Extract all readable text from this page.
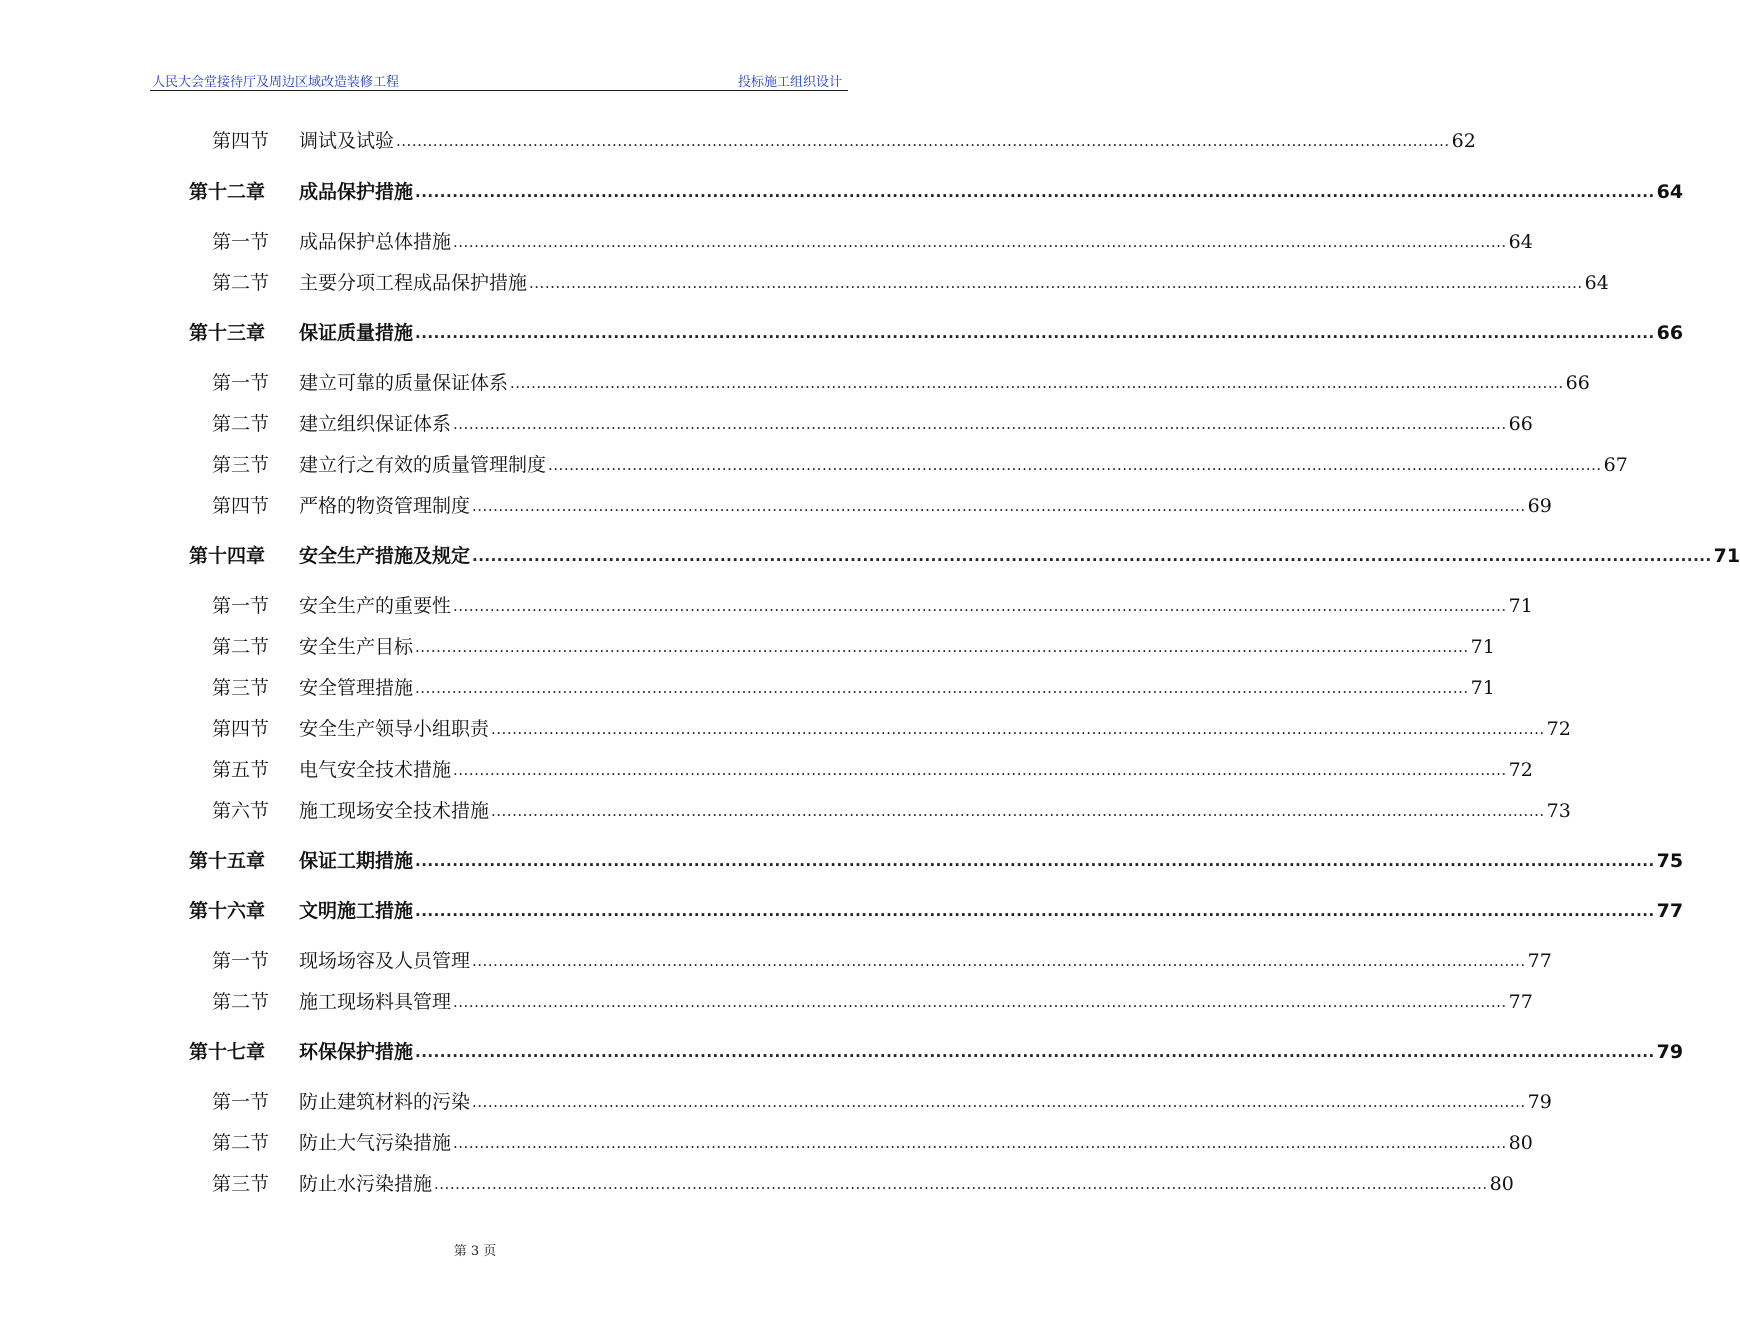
人民大会堂接待厅及周边区域改造装修工程	投标施工组织设计
第四节	调试及试验 ........................................................................................................................................................................................................ 62
第十二章	成品保护措施 ........................................................................................................................................................................................................ 64
第一节	成品保护总体措施 ........................................................................................................................................................................................................ 64
第二节	主要分项工程成品保护措施 ........................................................................................................................................................................................................ 64
第十三章	保证质量措施 ........................................................................................................................................................................................................ 66
第一节	建立可靠的质量保证体系 ........................................................................................................................................................................................................ 66
第二节	建立组织保证体系 ........................................................................................................................................................................................................ 66
第三节	建立行之有效的质量管理制度 ........................................................................................................................................................................................................ 67
第四节	严格的物资管理制度 ........................................................................................................................................................................................................ 69
第十四章	安全生产措施及规定 ........................................................................................................................................................................................................ 71
第一节	安全生产的重要性 ........................................................................................................................................................................................................ 71
第二节	安全生产目标 ........................................................................................................................................................................................................ 71
第三节	安全管理措施 ........................................................................................................................................................................................................ 71
第四节	安全生产领导小组职责 ........................................................................................................................................................................................................ 72
第五节	电气安全技术措施 ........................................................................................................................................................................................................ 72
第六节	施工现场安全技术措施 ........................................................................................................................................................................................................ 73
第十五章	保证工期措施 ........................................................................................................................................................................................................ 75
第十六章	文明施工措施 ........................................................................................................................................................................................................ 77
第一节	现场场容及人员管理 ........................................................................................................................................................................................................ 77
第二节	施工现场料具管理 ........................................................................................................................................................................................................ 77
第十七章	环保保护措施 ........................................................................................................................................................................................................ 79
第一节	防止建筑材料的污染 ........................................................................................................................................................................................................ 79
第二节	防止大气污染措施 ........................................................................................................................................................................................................ 80
第三节	防止水污染措施 ........................................................................................................................................................................................................ 80
第 3 页
